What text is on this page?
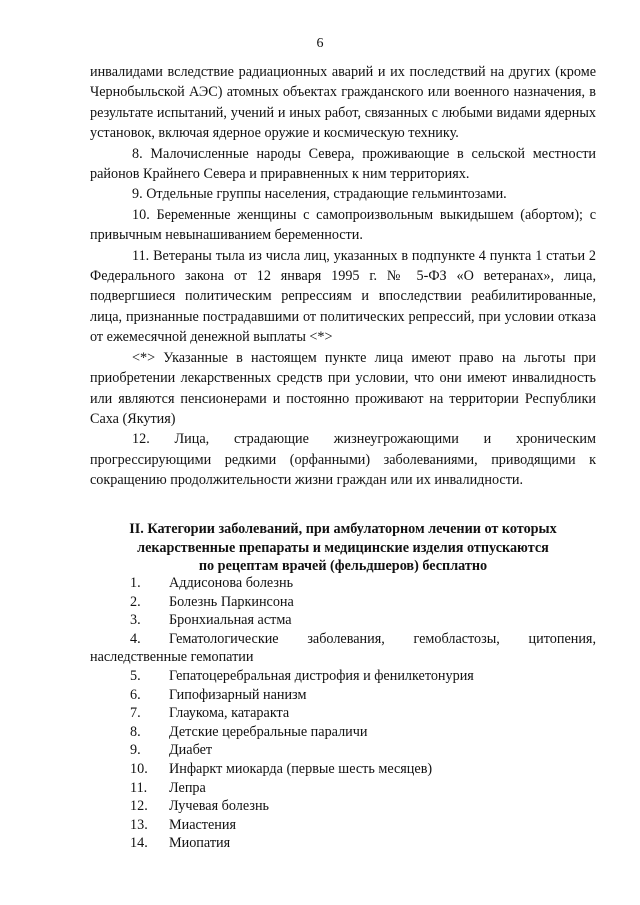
6

инвалидами вследствие радиационных аварий и их последствий на других (кроме Чернобыльской АЭС) атомных объектах гражданского или военного назначения, в результате испытаний, учений и иных работ, связанных с любыми видами ядерных установок, включая ядерное оружие и космическую технику.

8. Малочисленные народы Севера, проживающие в сельской местности районов Крайнего Севера и приравненных к ним территориях.

9. Отдельные группы населения, страдающие гельминтозами.

10. Беременные женщины с самопроизвольным выкидышем (абортом); с привычным невынашиванием беременности.

11. Ветераны тыла из числа лиц, указанных в подпункте 4 пункта 1 статьи 2 Федерального закона от 12 января 1995 г. № 5-ФЗ «О ветеранах», лица, подвергшиеся политическим репрессиям и впоследствии реабилитированные, лица, признанные пострадавшими от политических репрессий, при условии отказа от ежемесячной денежной выплаты <*>

<*> Указанные в настоящем пункте лица имеют право на льготы при приобретении лекарственных средств при условии, что они имеют инвалидность или являются пенсионерами и постоянно проживают на территории Республики Саха (Якутия)

12. Лица, страдающие жизнеугрожающими и хроническим прогрессирующими редкими (орфанными) заболеваниями, приводящими к сокращению продолжительности жизни граждан или их инвалидности.

II. Категории заболеваний, при амбулаторном лечении от которых
лекарственные препараты и медицинские изделия отпускаются
по рецептам врачей (фельдшеров) бесплатно
1.	Аддисонова болезнь
2.	Болезнь Паркинсона
3.	Бронхиальная астма
4.	Гематологические заболевания, гемобластозы, цитопения,
наследственные гемопатии
5.	Гепатоцеребральная дистрофия и фенилкетонурия
6.	Гипофизарный нанизм
7.	Глаукома, катаракта
8.	Детские церебральные параличи
9.	Диабет
10.	Инфаркт миокарда (первые шесть месяцев)
11.	Лепра
12.	Лучевая болезнь
13.	Миастения
14.	Миопатия
